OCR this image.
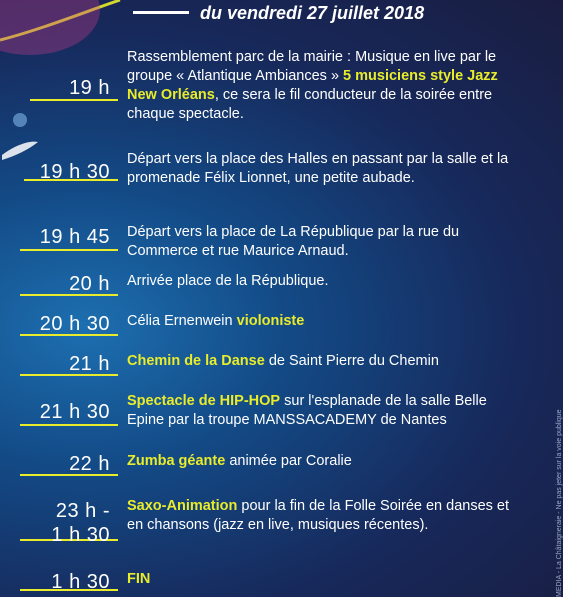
du vendredi 27 juillet 2018
19 h
Rassemblement parc de la mairie : Musique en live par le groupe « Atlantique Ambiances » 5 musiciens style Jazz New Orléans, ce sera le fil conducteur de la soirée entre chaque spectacle.
19 h 30
Départ vers la place des Halles en passant par la salle et la promenade Félix Lionnet, une petite aubade.
19 h 45 Départ vers la place de La République par la rue du Commerce et rue Maurice Arnaud.
20 h Arrivée place de la République.
20 h 30 Célia Ernenwein violoniste
21 h Chemin de la Danse de Saint Pierre du Chemin
21 h 30 Spectacle de HIP-HOP sur l'esplanade de la salle Belle Epine par la troupe MANSSACADEMY de Nantes
22 h Zumba géante animée par Coralie
23 h -
1 h 30
Saxo-Animation pour la fin de la Folle Soirée en danses et en chansons (jazz en live, musiques récentes).
1 h 30 FIN	MEDIA - La Châtaigneraie - Ne pas jeter sur la voie publique
